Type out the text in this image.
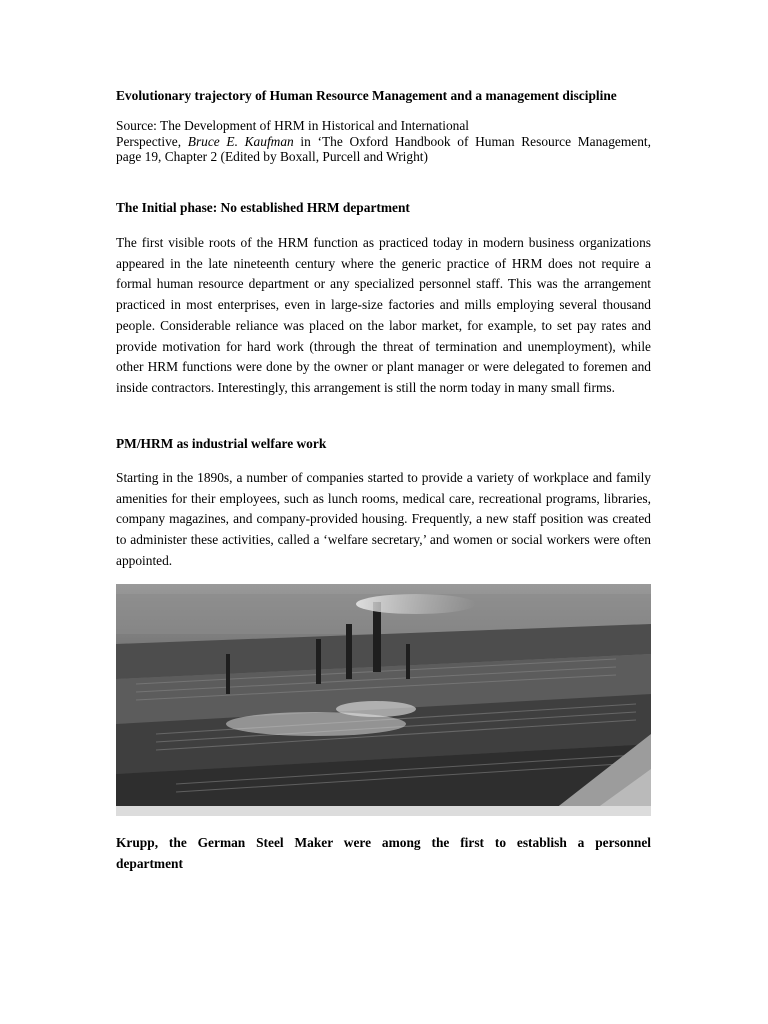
Evolutionary trajectory of Human Resource Management and a management discipline
Source: The Development of HRM in Historical and International
Perspective, Bruce E. Kaufman in ‘The Oxford Handbook of Human Resource Management,
page 19, Chapter 2 (Edited by Boxall, Purcell and Wright)
The Initial phase: No established HRM department
The first visible roots of the HRM function as practiced today in modern business organizations appeared in the late nineteenth century where the generic practice of HRM does not require a formal human resource department or any specialized personnel staff. This was the arrangement practiced in most enterprises, even in large-size factories and mills employing several thousand people. Considerable reliance was placed on the labor market, for example, to set pay rates and provide motivation for hard work (through the threat of termination and unemployment), while other HRM functions were done by the owner or plant manager or were delegated to foremen and inside contractors. Interestingly, this arrangement is still the norm today in many small firms.
PM/HRM as industrial welfare work
Starting in the 1890s, a number of companies started to provide a variety of workplace and family amenities for their employees, such as lunch rooms, medical care, recreational programs, libraries, company magazines, and company-provided housing. Frequently, a new staff position was created to administer these activities, called a ‘welfare secretary,’ and women or social workers were often appointed.
Krupp, the German Steel Maker were among the first to establish a personnel
department
